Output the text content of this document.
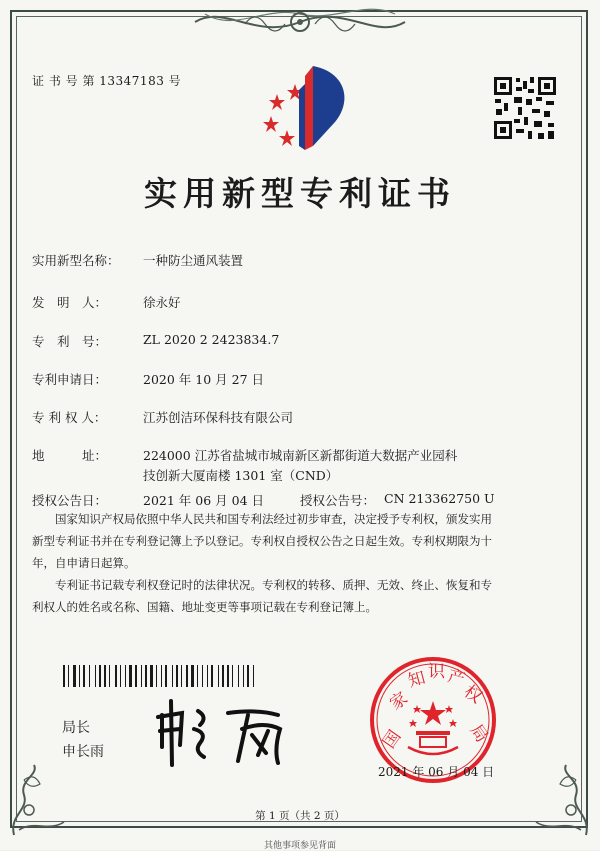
证 书 号 第 13347183 号
实用新型专利证书
实用新型名称： 一种防尘通风装置
发　明　人：	徐永好
专　利　号：	ZL 2020 2 2423834.7
专利申请日：	2020 年 10 月 27 日
专 利 权 人：	江苏创洁环保科技有限公司
地　　　址：	224000 江苏省盐城市城南新区新都街道大数据产业园科
技创新大厦南楼 1301 室（CND）
授权公告日：	2021 年 06 月 04 日	授权公告号： CN 213362750 U
　　国家知识产权局依照中华人民共和国专利法经过初步审查，决定授予专利权，颁发实用
新型专利证书并在专利登记簿上予以登记。专利权自授权公告之日起生效。专利权期限为十
年，自申请日起算。
　　专利证书记载专利权登记时的法律状况。专利权的转移、质押、无效、终止、恢复和专
利权人的姓名或名称、国籍、地址变更等事项记载在专利登记簿上。
局长
申长雨	国
家
知 识 产
权
局
2021 年 06 月 04 日
第 1 页（共 2 页）
其他事项参见背面
